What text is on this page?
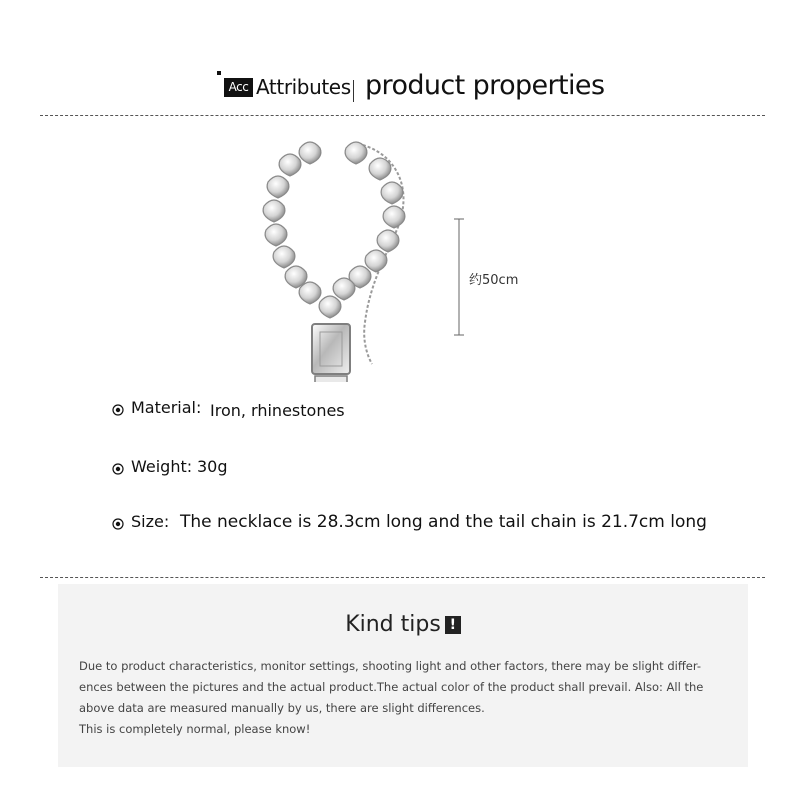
Acc Attributes product properties
约50cm
Material: Iron, rhinestones
Weight: 30g
Size: The necklace is 28.3cm long and the tail chain is 21.7cm long
Kind tips !

Due to product characteristics, monitor settings, shooting light and other factors, there may be slight differ-

ences between the pictures and the actual product.The actual color of the product shall prevail. Also: All the

above data are measured manually by us, there are slight differences.

This is completely normal, please know!
